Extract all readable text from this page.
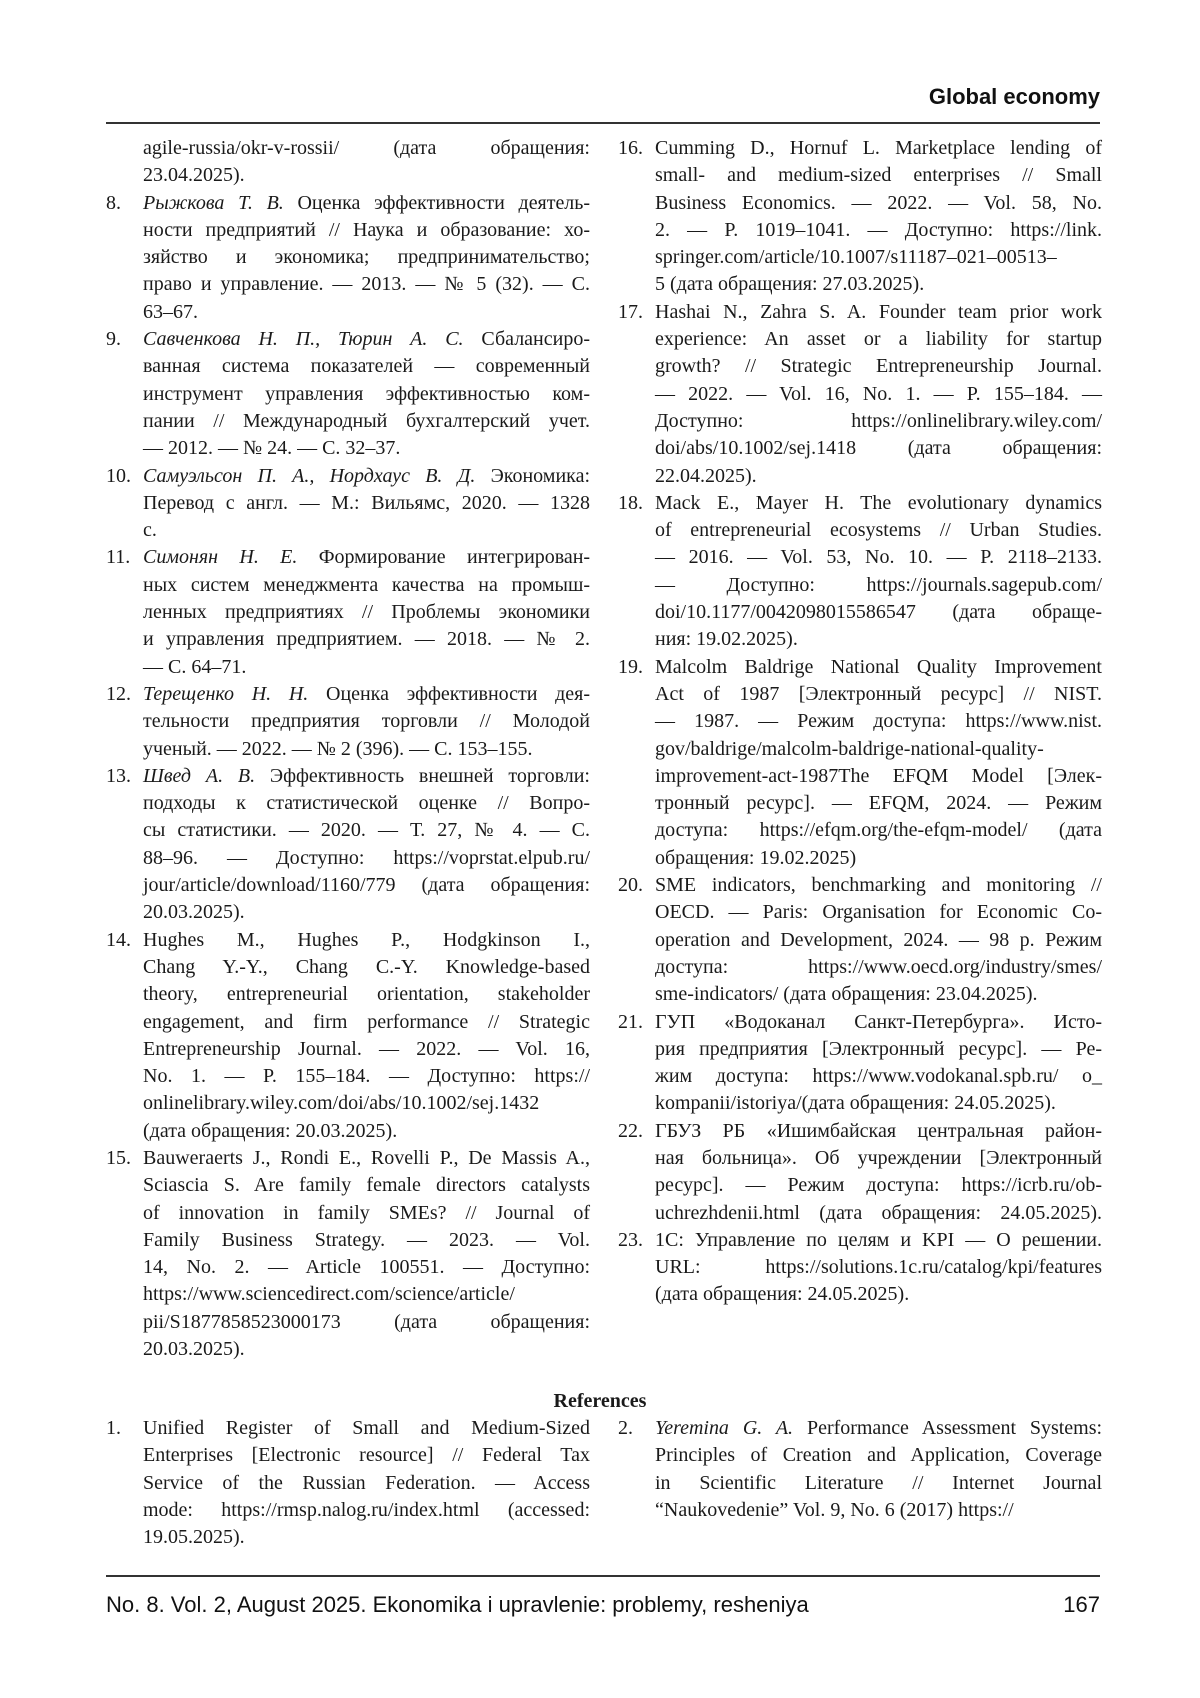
Global economy
agile-russia/okr-v-rossii/ (дата обращения:
23.04.2025).
8. Рыжкова Т. В. Оценка эффективности деятель-
ности предприятий // Наука и образование: хо-
зяйство и экономика; предпринимательство;
право и управление. — 2013. — № 5 (32). — С.
63–67.
9. Савченкова Н. П., Тюрин А. С. Сбалансиро-
ванная система показателей — современный
инструмент управления эффективностью ком-
пании // Международный бухгалтерский учет.
— 2012. — № 24. — С. 32–37.
10. Самуэльсон П. А., Нордхаус В. Д. Экономика:
Перевод с англ. — М.: Вильямс, 2020. — 1328
с.
11. Симонян Н. Е. Формирование интегрирован-
ных систем менеджмента качества на промыш-
ленных предприятиях // Проблемы экономики
и управления предприятием. — 2018. — № 2.
— С. 64–71.
12. Терещенко Н. Н. Оценка эффективности дея-
тельности предприятия торговли // Молодой
ученый. — 2022. — № 2 (396). — С. 153–155.
13. Швед А. В. Эффективность внешней торговли:
подходы к статистической оценке // Вопро-
сы статистики. — 2020. — Т. 27, № 4. — С.
88–96. — Доступно: https://voprstat.elpub.ru/
jour/article/download/1160/779 (дата обращения:
20.03.2025).
14. Hughes M., Hughes P., Hodgkinson I.,
Chang Y.-Y., Chang C.-Y. Knowledge-based
theory, entrepreneurial orientation, stakeholder
engagement, and firm performance // Strategic
Entrepreneurship Journal. — 2022. — Vol. 16,
No. 1. — P. 155–184. — Доступно: https://
onlinelibrary.wiley.com/doi/abs/10.1002/sej.1432
(дата обращения: 20.03.2025).
15. Bauweraerts J., Rondi E., Rovelli P., De Massis A.,
Sciascia S. Are family female directors catalysts
of innovation in family SMEs? // Journal of
Family Business Strategy. — 2023. — Vol.
14, No. 2. — Article 100551. — Доступно:
https://www.sciencedirect.com/science/article/
pii/S1877858523000173 (дата обращения:
20.03.2025).
16. Cumming D., Hornuf L. Marketplace lending of
small- and medium-sized enterprises // Small
Business Economics. — 2022. — Vol. 58, No.
2. — P. 1019–1041. — Доступно: https://link.
springer.com/article/10.1007/s11187–021–00513–
5 (дата обращения: 27.03.2025).
17. Hashai N., Zahra S. A. Founder team prior work
experience: An asset or a liability for startup
growth? // Strategic Entrepreneurship Journal.
— 2022. — Vol. 16, No. 1. — P. 155–184. —
Доступно: https://onlinelibrary.wiley.com/
doi/abs/10.1002/sej.1418 (дата обращения:
22.04.2025).
18. Mack E., Mayer H. The evolutionary dynamics
of entrepreneurial ecosystems // Urban Studies.
— 2016. — Vol. 53, No. 10. — P. 2118–2133.
— Доступно: https://journals.sagepub.com/
doi/10.1177/0042098015586547 (дата обраще-
ния: 19.02.2025).
19. Malcolm Baldrige National Quality Improvement
Act of 1987 [Электронный ресурс] // NIST.
— 1987. — Режим доступа: https://www.nist.
gov/baldrige/malcolm-baldrige-national-quality-
improvement-act-1987The EFQM Model [Элек-
тронный ресурс]. — EFQM, 2024. — Режим
доступа: https://efqm.org/the-efqm-model/ (дата
обращения: 19.02.2025)
20. SME indicators, benchmarking and monitoring //
OECD. — Paris: Organisation for Economic Co-
operation and Development, 2024. — 98 p. Режим
доступа: https://www.oecd.org/industry/smes/
sme-indicators/ (дата обращения: 23.04.2025).
21. ГУП «Водоканал Санкт-Петербурга». Исто-
рия предприятия [Электронный ресурс]. — Ре-
жим доступа: https://www.vodokanal.spb.ru/ o_
kompanii/istoriya/(дата обращения: 24.05.2025).
22. ГБУЗ РБ «Ишимбайская центральная район-
ная больница». Об учреждении [Электронный
ресурс]. — Режим доступа: https://icrb.ru/ob-
uchrezhdenii.html (дата обращения: 24.05.2025).
23. 1С: Управление по целям и KPI — О решении.
URL: https://solutions.1c.ru/catalog/kpi/features
(дата обращения: 24.05.2025).
References
1. Unified Register of Small and Medium-Sized
Enterprises [Electronic resource] // Federal Tax
Service of the Russian Federation. — Access
mode: https://rmsp.nalog.ru/index.html (accessed:
19.05.2025).
2. Yeremina G. A. Performance Assessment Systems:
Principles of Creation and Application, Coverage
in Scientific Literature // Internet Journal
“Naukovedenie” Vol. 9, No. 6 (2017) https://
No. 8. Vol. 2, August 2025. Ekonomika i upravlenie: problemy, resheniya	167
